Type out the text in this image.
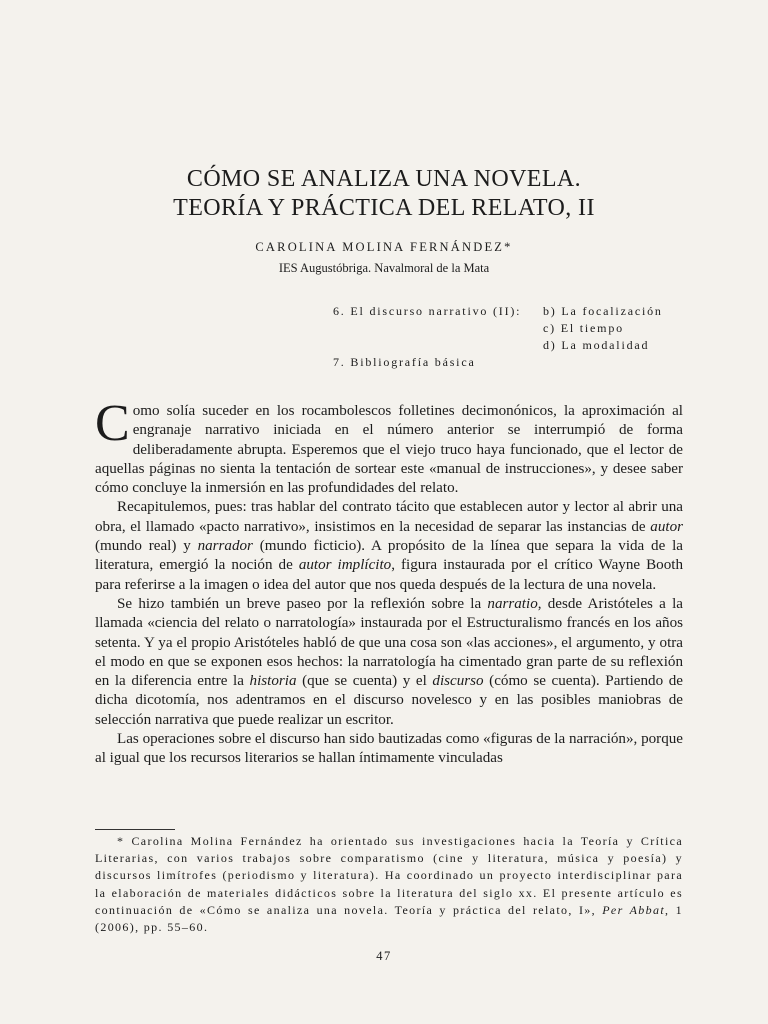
CÓMO SE ANALIZA UNA NOVELA.
TEORÍA Y PRÁCTICA DEL RELATO, II
CAROLINA MOLINA FERNÁNDEZ*
IES Augustóbriga. Navalmoral de la Mata
6. El discurso narrativo (II):	b) La focalización
c) El tiempo
d) La modalidad
7. Bibliografía básica

Como solía suceder en los rocambolescos folletines decimonónicos, la aproximación al engranaje narrativo iniciada en el número anterior se interrumpió de forma deliberadamente abrupta. Esperemos que el viejo truco haya funcionado, que el lector de aquellas páginas no sienta la tentación de sortear este «manual de instrucciones», y desee saber cómo concluye la inmersión en las profundidades del relato.

Recapitulemos, pues: tras hablar del contrato tácito que establecen autor y lector al abrir una obra, el llamado «pacto narrativo», insistimos en la necesidad de separar las instancias de autor (mundo real) y narrador (mundo ficticio). A propósito de la línea que separa la vida de la literatura, emergió la noción de autor implícito, figura instaurada por el crítico Wayne Booth para referirse a la imagen o idea del autor que nos queda después de la lectura de una novela.

Se hizo también un breve paseo por la reflexión sobre la narratio, desde Aristóteles a la llamada «ciencia del relato o narratología» instaurada por el Estructuralismo francés en los años setenta. Y ya el propio Aristóteles habló de que una cosa son «las acciones», el argumento, y otra el modo en que se exponen esos hechos: la narratología ha cimentado gran parte de su reflexión en la diferencia entre la historia (que se cuenta) y el discurso (cómo se cuenta). Partiendo de dicha dicotomía, nos adentramos en el discurso novelesco y en las posibles maniobras de selección narrativa que puede realizar un escritor.

Las operaciones sobre el discurso han sido bautizadas como «figuras de la narración», porque al igual que los recursos literarios se hallan íntimamente vinculadas

* Carolina Molina Fernández ha orientado sus investigaciones hacia la Teoría y Crítica Literarias, con varios trabajos sobre comparatismo (cine y literatura, música y poesía) y discursos limítrofes (periodismo y literatura). Ha coordinado un proyecto interdisciplinar para la elaboración de materiales didácticos sobre la literatura del siglo xx. El presente artículo es continuación de «Cómo se analiza una novela. Teoría y práctica del relato, I», Per Abbat, 1 (2006), pp. 55–60.

47
